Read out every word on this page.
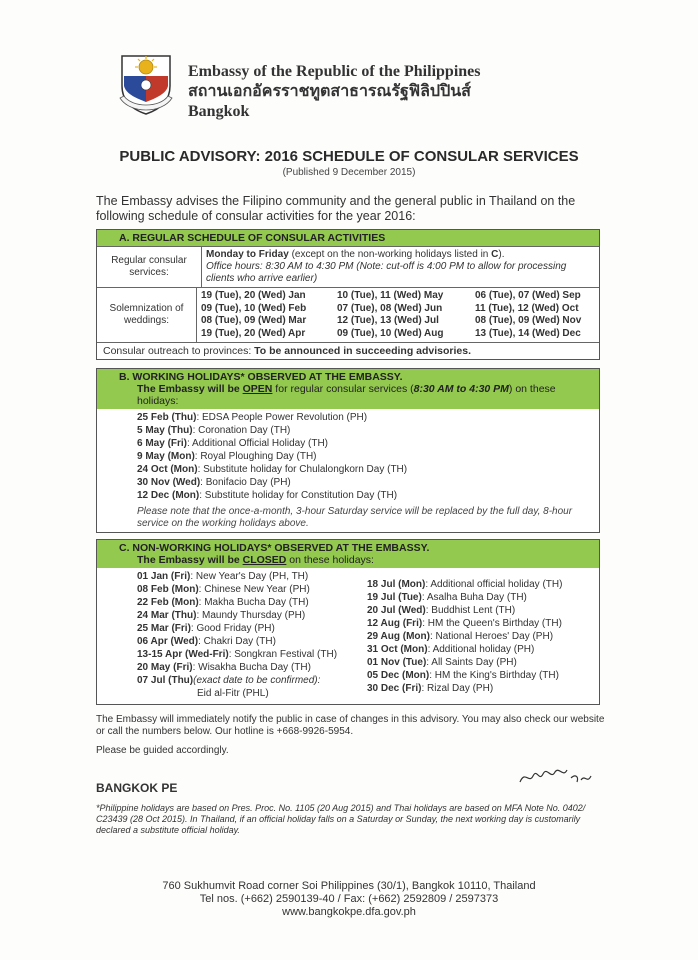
Embassy of the Republic of the Philippines
สถานเอกอัครราชทูตสาธารณรัฐฟิลิปปินส์
Bangkok
PUBLIC ADVISORY: 2016 SCHEDULE OF CONSULAR SERVICES
(Published 9 December 2015)
The Embassy advises the Filipino community and the general public in Thailand on the following schedule of consular activities for the year 2016:
A. REGULAR SCHEDULE OF CONSULAR ACTIVITIES
Regular consular services:
Monday to Friday (except on the non-working holidays listed in C).
Office hours: 8:30 AM to 4:30 PM (Note: cut-off is 4:00 PM to allow for processing clients who arrive earlier)
Solemnization of weddings:
19 (Tue), 20 (Wed) Jan	10 (Tue), 11 (Wed) May	06 (Tue), 07 (Wed) Sep
09 (Tue), 10 (Wed) Feb	07 (Tue), 08 (Wed) Jun	11 (Tue), 12 (Wed) Oct
08 (Tue), 09 (Wed) Mar	12 (Tue), 13 (Wed) Jul	08 (Tue), 09 (Wed) Nov
19 (Tue), 20 (Wed) Apr	09 (Tue), 10 (Wed) Aug	13 (Tue), 14 (Wed) Dec
Consular outreach to provinces:
To be announced in succeeding advisories.
B. WORKING HOLIDAYS* OBSERVED AT THE EMBASSY.
The Embassy will be OPEN for regular consular services (8:30 AM to 4:30 PM) on these holidays:
25 Feb (Thu): EDSA People Power Revolution (PH)
5 May (Thu): Coronation Day (TH)
6 May (Fri): Additional Official Holiday (TH)
9 May (Mon): Royal Ploughing Day (TH)
24 Oct (Mon): Substitute holiday for Chulalongkorn Day (TH)
30 Nov (Wed): Bonifacio Day (PH)
12 Dec (Mon): Substitute holiday for Constitution Day (TH)
Please note that the once-a-month, 3-hour Saturday service will be replaced by the full day, 8-hour service on the working holidays above.
C. NON-WORKING HOLIDAYS* OBSERVED AT THE EMBASSY.
The Embassy will be CLOSED on these holidays:
01 Jan (Fri): New Year's Day (PH, TH)
08 Feb (Mon): Chinese New Year (PH)
22 Feb (Mon): Makha Bucha Day (TH)
24 Mar (Thu): Maundy Thursday (PH)
25 Mar (Fri): Good Friday (PH)
06 Apr (Wed): Chakri Day (TH)
13-15 Apr (Wed-Fri): Songkran Festival (TH)
20 May (Fri): Wisakha Bucha Day (TH)
07 Jul (Thu)(exact date to be confirmed):
Eid al-Fitr (PHL)
18 Jul (Mon): Additional official holiday (TH)
19 Jul (Tue): Asalha Buha Day (TH)
20 Jul (Wed): Buddhist Lent (TH)
12 Aug (Fri): HM the Queen's Birthday (TH)
29 Aug (Mon): National Heroes' Day (PH)
31 Oct (Mon): Additional holiday (PH)
01 Nov (Tue): All Saints Day (PH)
05 Dec (Mon): HM the King's Birthday (TH)
30 Dec (Fri): Rizal Day (PH)
The Embassy will immediately notify the public in case of changes in this advisory. You may also check our website or call the numbers below. Our hotline is +668-9926-5954.
Please be guided accordingly.
BANGKOK PE
*Philippine holidays are based on Pres. Proc. No. 1105 (20 Aug 2015) and Thai holidays are based on MFA Note No. 0402/ C23439 (28 Oct 2015). In Thailand, if an official holiday falls on a Saturday or Sunday, the next working day is customarily declared a substitute official holiday.
760 Sukhumvit Road corner Soi Philippines (30/1), Bangkok 10110, Thailand
Tel nos. (+662) 2590139-40 / Fax: (+662) 2592809 / 2597373
www.bangkokpe.dfa.gov.ph
